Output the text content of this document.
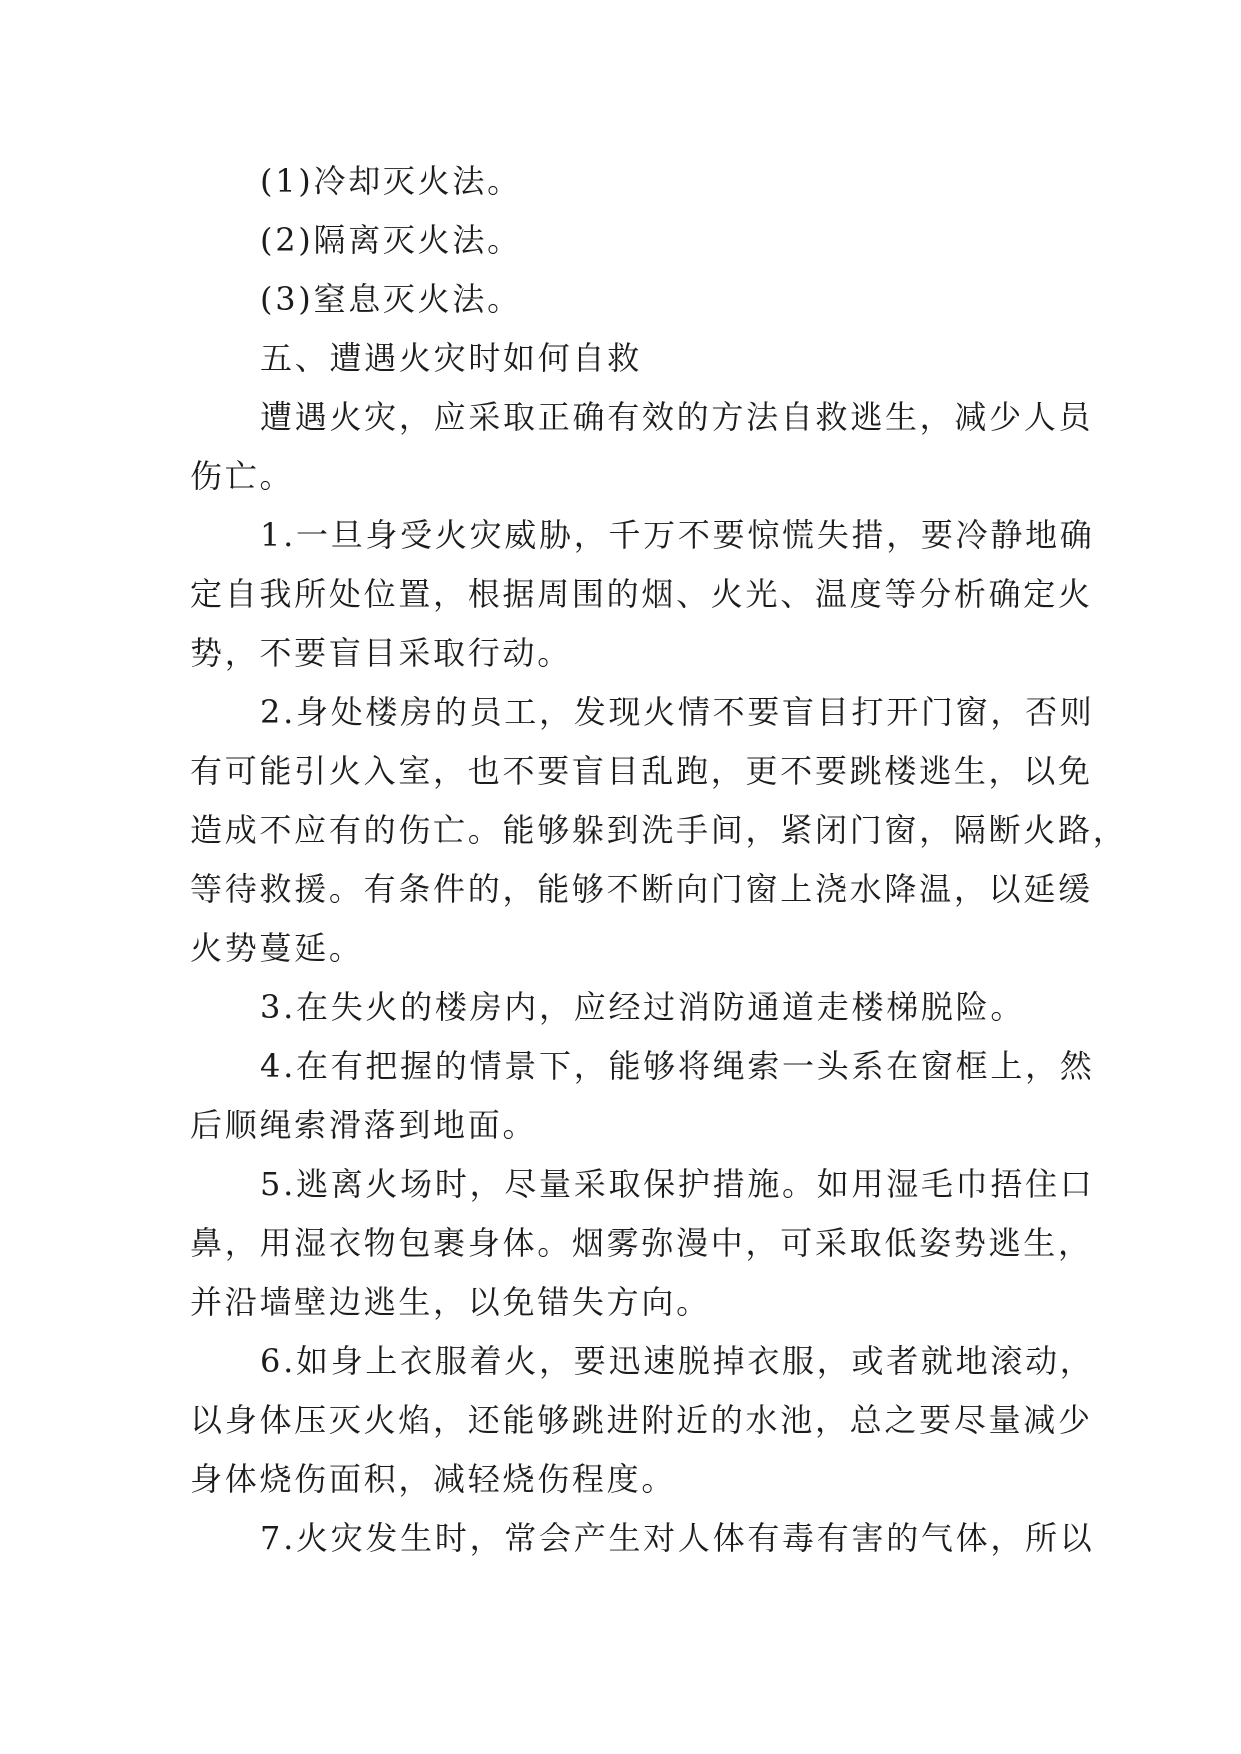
(1)冷却灭火法。

(2)隔离灭火法。

(3)窒息灭火法。

五、遭遇火灾时如何自救

遭遇火灾，应采取正确有效的方法自救逃生，减少人员

伤亡。

1.一旦身受火灾威胁，千万不要惊慌失措，要冷静地确

定自我所处位置，根据周围的烟、火光、温度等分析确定火

势，不要盲目采取行动。

2.身处楼房的员工，发现火情不要盲目打开门窗，否则

有可能引火入室，也不要盲目乱跑，更不要跳楼逃生，以免

造成不应有的伤亡。能够躲到洗手间，紧闭门窗，隔断火路，

等待救援。有条件的，能够不断向门窗上浇水降温，以延缓

火势蔓延。

3.在失火的楼房内，应经过消防通道走楼梯脱险。

4.在有把握的情景下，能够将绳索一头系在窗框上，然

后顺绳索滑落到地面。

5.逃离火场时，尽量采取保护措施。如用湿毛巾捂住口

鼻，用湿衣物包裹身体。烟雾弥漫中，可采取低姿势逃生，

并沿墙壁边逃生，以免错失方向。

6.如身上衣服着火，要迅速脱掉衣服，或者就地滚动，

以身体压灭火焰，还能够跳进附近的水池，总之要尽量减少

身体烧伤面积，减轻烧伤程度。

7.火灾发生时，常会产生对人体有毒有害的气体，所以
